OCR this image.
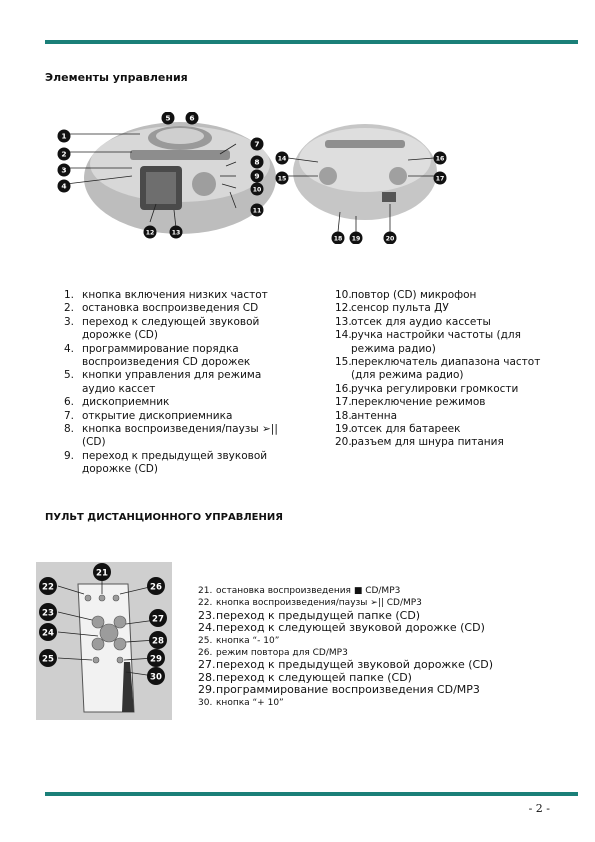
Элементы управления
1
2
3
4
5	6
7
8
9
10
11
12	13
14
15
16
17
18 19	20
1. кнопка включения низких частот
2. остановка воспроизведения CD
3. переход к следующей звуковой дорожке (CD)
4. программирование порядка воспроизведения CD дорожек
5. кнопки управления для режима аудио кассет
6. дископриемник
7. открытие дископриемника
8. кнопка воспроизведения/паузы ➢|| (CD)
9. переход к предыдущей звуковой дорожке (CD)
10. повтор (CD) микрофон
12. сенсор пульта ДУ
13. отсек для аудио кассеты
14. ручка настройки частоты (для режима радио)
15. переключатель диапазона частот (для режима радио)
16. ручка регулировки громкости
17. переключение режимов
18. антенна
19. отсек для батареек
20. разъем для шнура питания
ПУЛЬТ ДИСТАНЦИОННОГО УПРАВЛЕНИЯ
21
22
23
24
25
26
27
28
29
30
21. остановка воспроизведения ■ CD/MP3
22. кнопка воспроизведения/паузы ➢|| CD/MP3
23. переход к предыдущей папке (CD)
24. переход к следующей звуковой дорожке (CD)
25. кнопка “- 10”
26. режим повтора для CD/MP3
27. переход к предыдущей звуковой дорожке (CD)
28. переход к следующей папке (CD)
29. программирование воспроизведения CD/MP3
30. кнопка “+ 10”
- 2 -
